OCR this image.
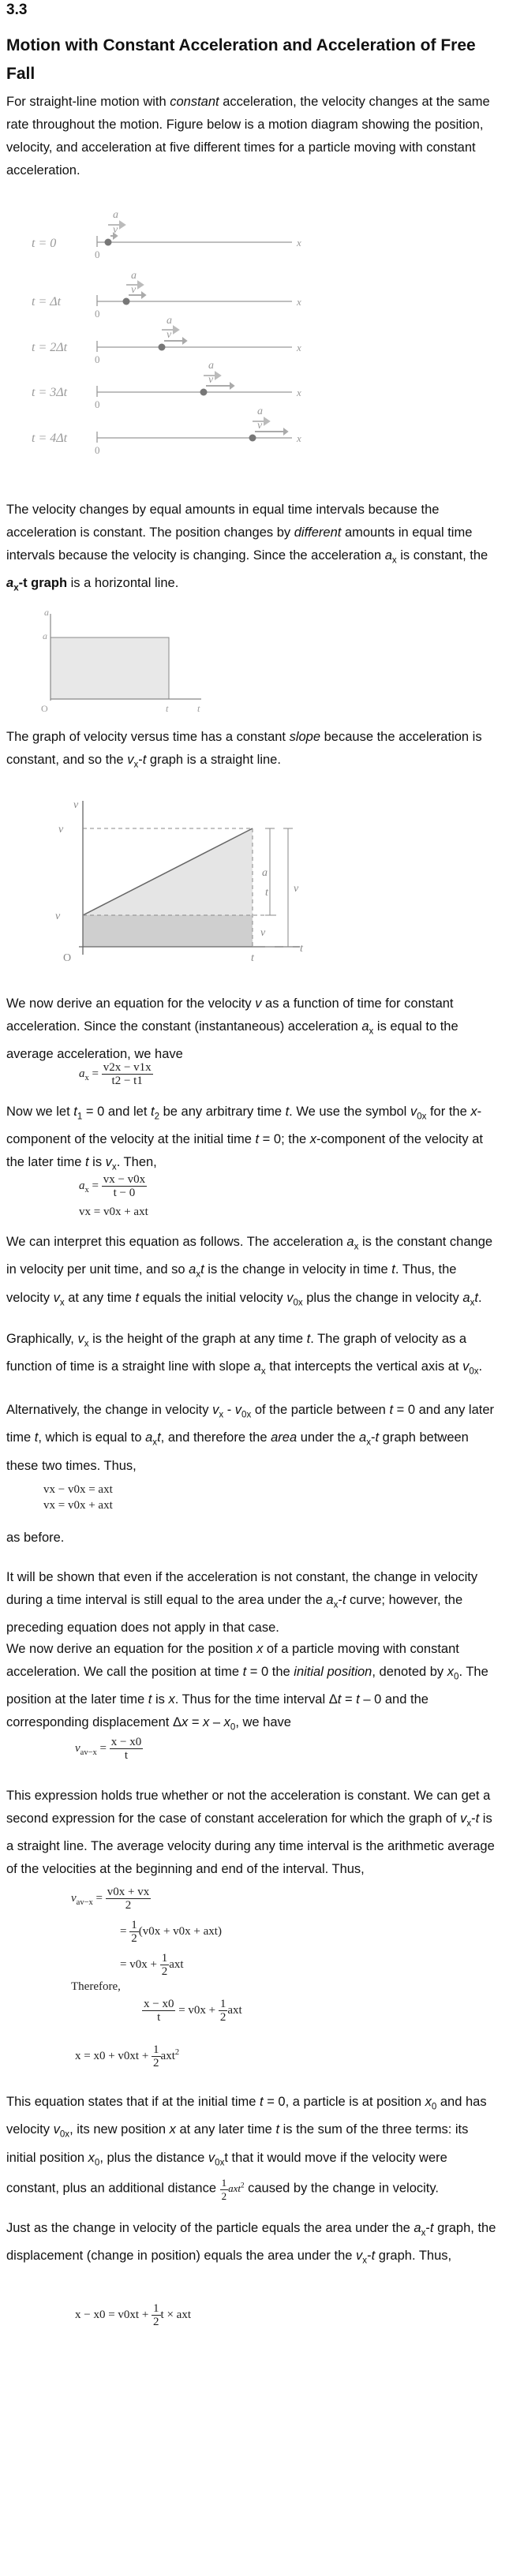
3.3
Motion with Constant Acceleration and Acceleration of Free Fall
For straight-line motion with constant acceleration, the velocity changes at the same rate throughout the motion. Figure below is a motion diagram showing the position, velocity, and acceleration at five different times for a particle moving with constant acceleration.
t = 0
t = Δt
t = 2Δt
t = 3Δt
t = 4Δt
0
0
0
0
0
x
x
x
x
x
a
v
a
v
a
v
a
v
a
v
The velocity changes by equal amounts in equal time intervals because the acceleration is constant. The position changes by different amounts in equal time intervals because the velocity is changing. Since the acceleration $a_x$ is constant, the $a_x-t$ graph is a horizontal line.
a
a
O	t
t
The graph of velocity versus time has a constant slope because the acceleration is constant, and so the $v_x-t$ graph is a straight line.
v
v
v
O	t
t
a
t v
v
We now derive an equation for the velocity v as a function of time for constant acceleration. Since the constant (instantaneous) acceleration $a_x$ is equal to the average acceleration, we have
$a_x = \frac{v2x - v1x}{t2 - t1}$
Now we let $t_1 = 0$ and let $t_2$ be any arbitrary time t. We use the symbol $v_{0x}$ for the x-component of the velocity at the initial time t = 0; the x-component of the velocity at the later time t is $v_x$. Then,
$a_x = \frac{vx - v0x}{t - 0}$
vx = v0x + axt
We can interpret this equation as follows. The acceleration $a_x$ is the constant change in velocity per unit time, and so $a_xt$ is the change in velocity in time t. Thus, the velocity $v_x$ at any time t equals the initial velocity $v_{0x}$ plus the change in velocity $a_xt$.
Graphically, $v_x$ is the height of the graph at any time t. The graph of velocity as a function of time is a straight line with slope $a_x$ that intercepts the vertical axis at $v_{0x}$.
Alternatively, the change in velocity $v_x - v_{0x}$ of the particle between t = 0 and any later time t, which is equal to $a_xt$, and therefore the area under the $a_x-t$ graph between these two times. Thus,
vx − v0x = axt
vx = v0x + axt
as before.
It will be shown that even if the acceleration is not constant, the change in velocity during a time interval is still equal to the area under the $a_x-t$ curve; however, the preceding equation does not apply in that case.
We now derive an equation for the position x of a particle moving with constant acceleration. We call the position at time t = 0 the initial position, denoted by $x_0$. The position at the later time t is x. Thus for the time interval Δt = t – 0 and the corresponding displacement $\Delta x = x - x_0$, we have
$v_{av-x} = \frac{x - x0}{t}$
This expression holds true whether or not the acceleration is constant. We can get a second expression for the case of constant acceleration for which the graph of $v_x-t$ is a straight line. The average velocity during any time interval is the arithmetic average of the velocities at the beginning and end of the interval. Thus,
$v_{av-x} = \frac{v0x + vx}{2}$
= $\frac{1}{2} (v0x + v0x + axt)$
= $v0x + \frac{1}{2}$ axt
Therefore,
$\frac{x - x0}{t} = v0x + \frac{1}{2}$ axt
$x = x0 + v0xt + \frac{1}{2} axt^2$
This equation states that if at the initial time t = 0, a particle is at position $x_0$ and has velocity $v_{0x}$, its new position x at any later time t is the sum of the three terms: its initial position $x_0$, plus the distance $v_{0x}t$ that it would move if the velocity were constant, plus an additional distance $\frac{1}{2} axt^2$ caused by the change in velocity.
Just as the change in velocity of the particle equals the area under the $a_x-t$ graph, the displacement (change in position) equals the area under the $v_x-t$ graph. Thus,
$x - x0 = v0xt + \frac{1}{2}$ t × axt
